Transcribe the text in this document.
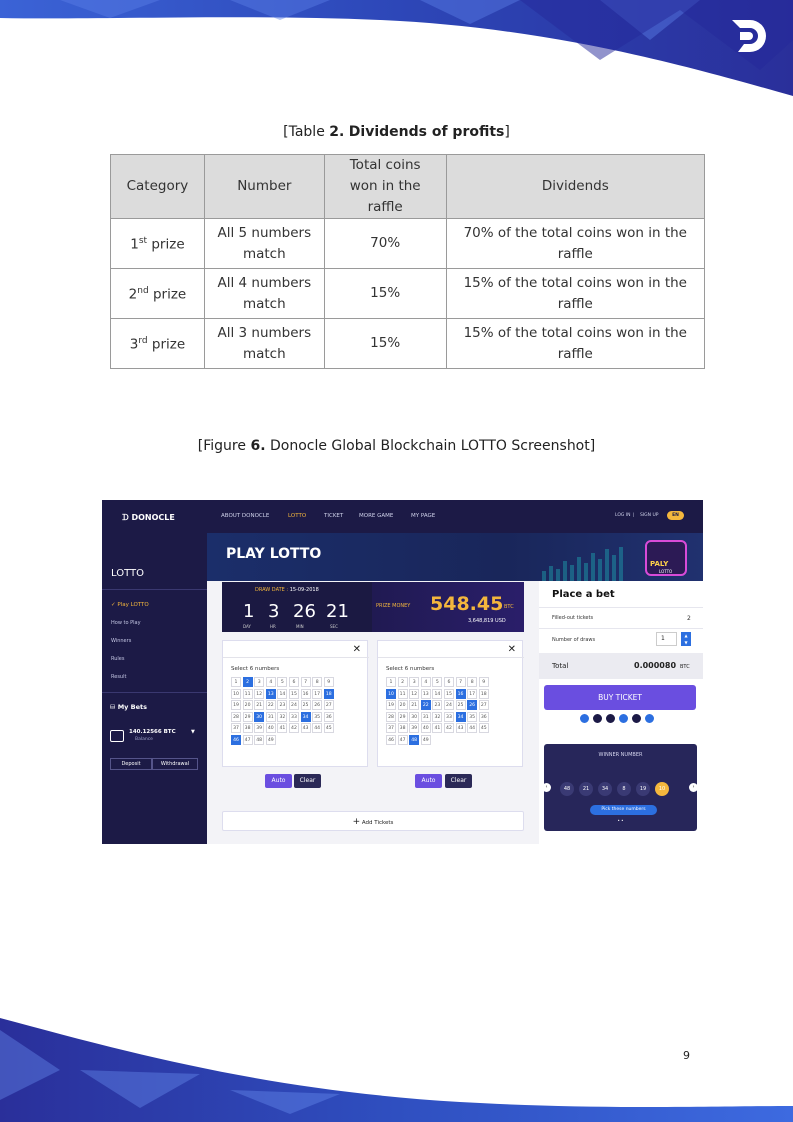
[Table 2. Dividends of profits]
Category	Number	Total coins won in the raffle	Dividends
1st prize	All 5 numbers match	70%	70% of the total coins won in the raffle
2nd prize	All 4 numbers match	15%	15% of the total coins won in the raffle
3rd prize	All 3 numbers match	15%	15% of the total coins won in the raffle
[Figure 6. Donocle Global Blockchain LOTTO Screenshot]
ᗪ DONOCLE
LOTTO
✓ Play LOTTO
How to Play
Winners
Rules
Result
⛁ My Bets
140.12566 BTC	▼
Balance
Deposit	Withdrawal
ABOUT DONOCLE	LOTTO	TICKET	MORE GAME	MY PAGE	LOG IN | SIGN UP	EN
PLAY LOTTO
PALY
LOTTO
DRAW DATE : 15-09-2018
1 3 26 21
DAY	HR	MIN	SEC
PRIZE MONEY 548.45 BTC
3,648,819 USD
✕
Select 6 numbers
1	2	3	4	5	6	7	8	9
10	11	12	13	14	15	16	17	18
19	20	21	22	23	24	25	26	27
28	29	30	31	32	33	34	35	36
37	38	39	40	41	42	43	44	45
46	47	48	49
✕
Select 6 numbers
1	2	3	4	5	6	7	8	9
10	11	12	13	14	15	16	17	18
19	20	21	22	23	24	25	26	27
28	29	30	31	32	33	34	35	36
37	38	39	40	41	42	43	44	45
46	47	48	49
Auto	Clear	Auto	Clear
+ Add Tickets
Place a bet
Filled-out tickets	2
Number of draws	1	▲
▼
Total	0.000080 BTC
BUY TICKET
WINNER NUMBER
Pick these numbers
• •
‹	›
48	21	34	8	19	10
9
